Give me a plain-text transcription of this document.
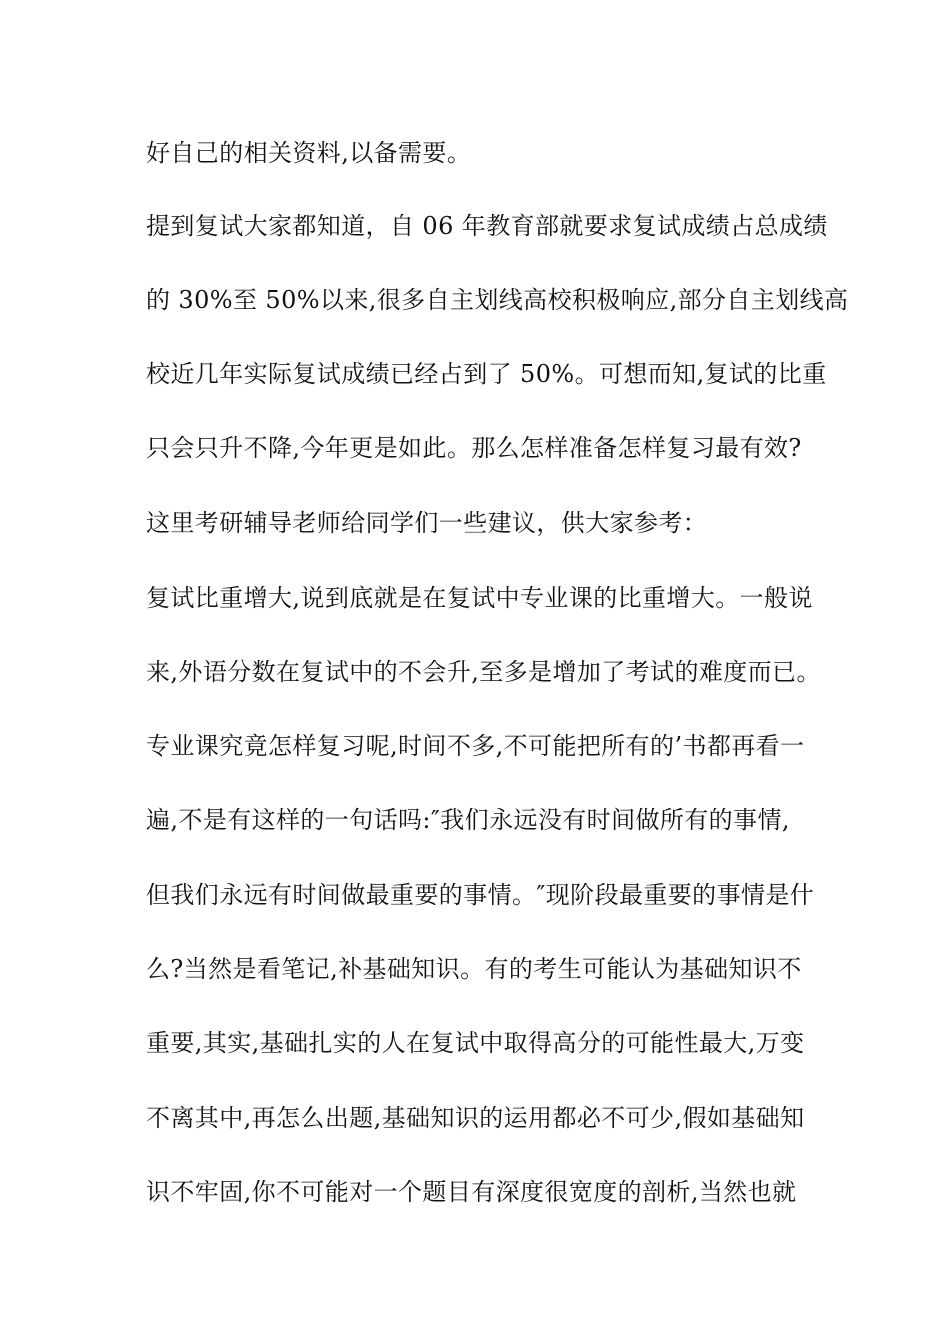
好自己的相关资料,以备需要。

提到复试大家都知道，自 06 年教育部就要求复试成绩占总成绩

的 30%至 50%以来,很多自主划线高校积极响应,部分自主划线高

校近几年实际复试成绩已经占到了 50%。可想而知,复试的比重

只会只升不降,今年更是如此。那么怎样准备怎样复习最有效?

这里考研辅导老师给同学们一些建议，供大家参考：

复试比重增大,说到底就是在复试中专业课的比重增大。一般说

来,外语分数在复试中的不会升,至多是增加了考试的难度而已。

专业课究竟怎样复习呢,时间不多,不可能把所有的’书都再看一

遍,不是有这样的一句话吗:″我们永远没有时间做所有的事情,

但我们永远有时间做最重要的事情。″现阶段最重要的事情是什

么?当然是看笔记,补基础知识。有的考生可能认为基础知识不

重要,其实,基础扎实的人在复试中取得高分的可能性最大,万变

不离其中,再怎么出题,基础知识的运用都必不可少,假如基础知

识不牢固,你不可能对一个题目有深度很宽度的剖析,当然也就
